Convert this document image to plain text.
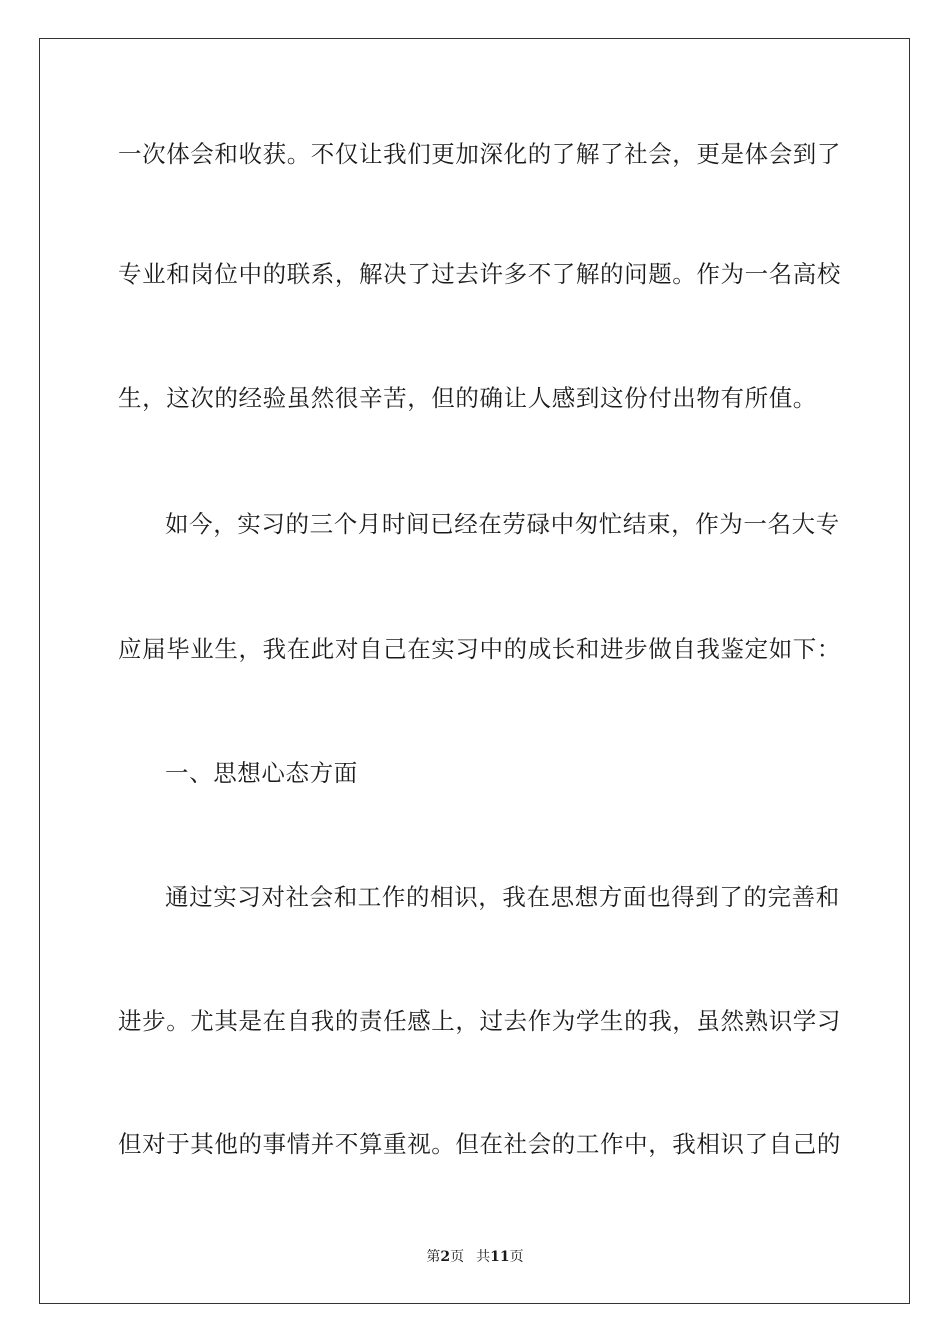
一次体会和收获。不仅让我们更加深化的了解了社会，更是体会到了
专业和岗位中的联系，解决了过去许多不了解的问题。作为一名高校
生，这次的经验虽然很辛苦，但的确让人感到这份付出物有所值。
如今，实习的三个月时间已经在劳碌中匆忙结束，作为一名大专
应届毕业生，我在此对自己在实习中的成长和进步做自我鉴定如下：
一、思想心态方面
通过实习对社会和工作的相识，我在思想方面也得到了的完善和
进步。尤其是在自我的责任感上，过去作为学生的我，虽然熟识学习
但对于其他的事情并不算重视。但在社会的工作中，我相识了自己的
第2页 共11页
